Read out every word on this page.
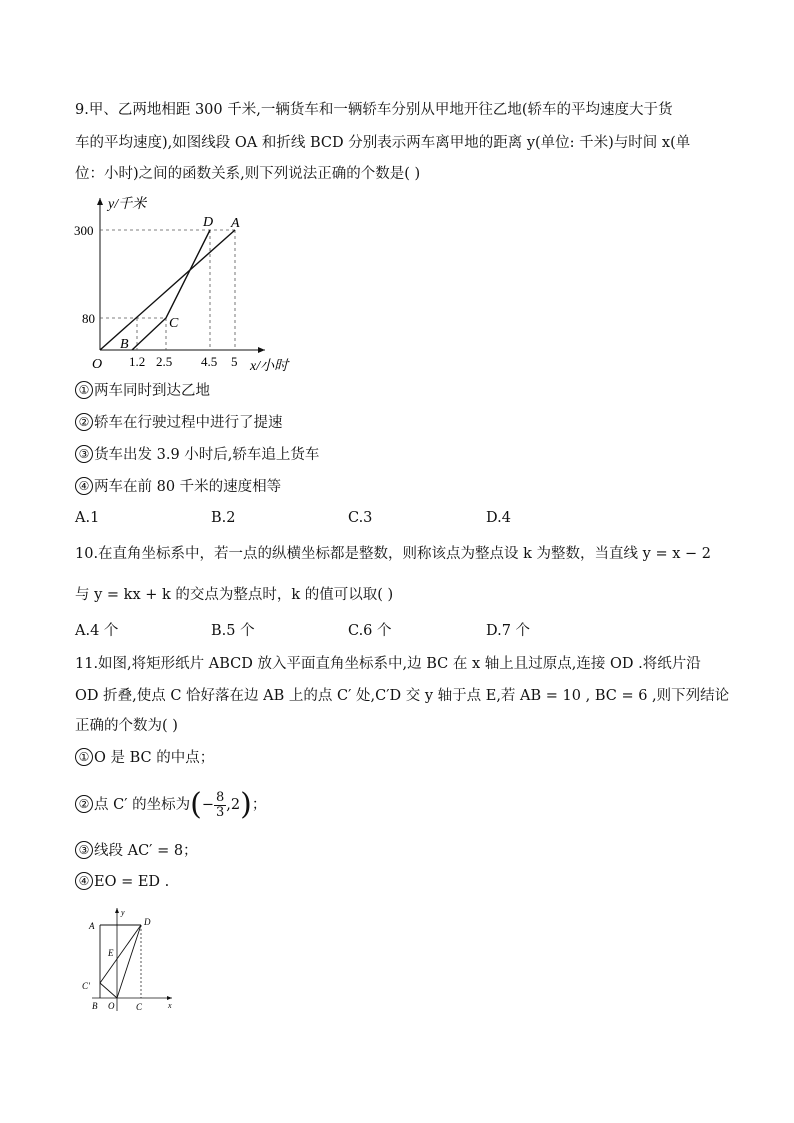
9.甲、乙两地相距 300 千米,一辆货车和一辆轿车分别从甲地开往乙地(轿车的平均速度大于货
车的平均速度),如图线段 OA 和折线 BCD 分别表示两车离甲地的距离 y(单位: 千米)与时间 x(单
位：小时)之间的函数关系,则下列说法正确的个数是( )
y/千米
x/小时
O
300
80
1.2 2.5 4.5 5
A
D
C
B
① 两车同时到达乙地
② 轿车在行驶过程中进行了提速
③ 货车出发 3.9 小时后,轿车追上货车
④ 两车在前 80 千米的速度相等
A.1	B.2	C.3	D.4
10.在直角坐标系中，若一点的纵横坐标都是整数，则称该点为整点设 k 为整数，当直线 y = x − 2
与 y = kx + k 的交点为整点时，k 的值可以取( )
A.4 个	B.5 个	C.6 个	D.7 个
11.如图,将矩形纸片 ABCD 放入平面直角坐标系中,边 BC 在 x 轴上且过原点,连接 OD .将纸片沿
OD 折叠,使点 C 恰好落在边 AB 上的点 C′ 处,C′D 交 y 轴于点 E,若 AB = 10 , BC = 6 ,则下列结论
正确的个数为( )
① O 是 BC 的中点；
② 点 C′ 的坐标为(− $\frac{8}{3} ,2$)；
③ 线段 AC′ = 8；
④ EO = ED .
A
y
D
E
C′
B O C	x
